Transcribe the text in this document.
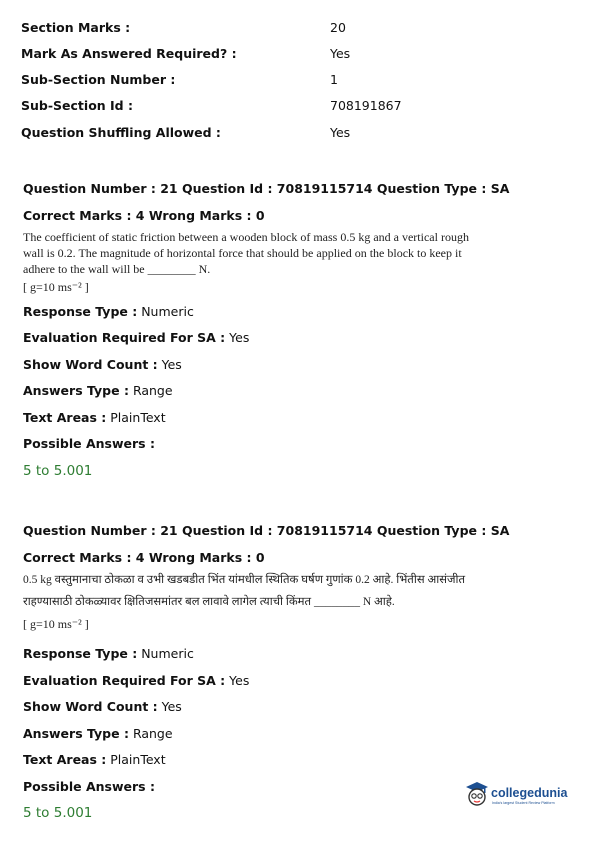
Section Marks :	20
Mark As Answered Required? :	Yes
Sub-Section Number :	1
Sub-Section Id :	708191867
Question Shuffling Allowed :	Yes
Question Number : 21 Question Id : 70819115714 Question Type : SA
Correct Marks : 4 Wrong Marks : 0
The coefficient of static friction between a wooden block of mass 0.5 kg and a vertical rough
wall is 0.2. The magnitude of horizontal force that should be applied on the block to keep it
adhere to the wall will be ________ N.
[ g=10 ms⁻² ]
Response Type : Numeric
Evaluation Required For SA : Yes
Show Word Count : Yes
Answers Type : Range
Text Areas : PlainText
Possible Answers :
5 to 5.001
Question Number : 21 Question Id : 70819115714 Question Type : SA
Correct Marks : 4 Wrong Marks : 0
0.5 kg वस्तुमानाचा ठोकळा व उभी खडबडीत भिंत यांमधील स्थितिक घर्षण गुणांक 0.2 आहे. भिंतीस आसंजीत
राहण्यासाठी ठोकळ्यावर क्षितिजसमांतर बल लावावे लागेल त्याची किंमत ________ N आहे.
[ g=10 ms⁻² ]
Response Type : Numeric
Evaluation Required For SA : Yes
Show Word Count : Yes
Answers Type : Range
Text Areas : PlainText
Possible Answers :
5 to 5.001
collegedunia
India's largest Student Review Platform
